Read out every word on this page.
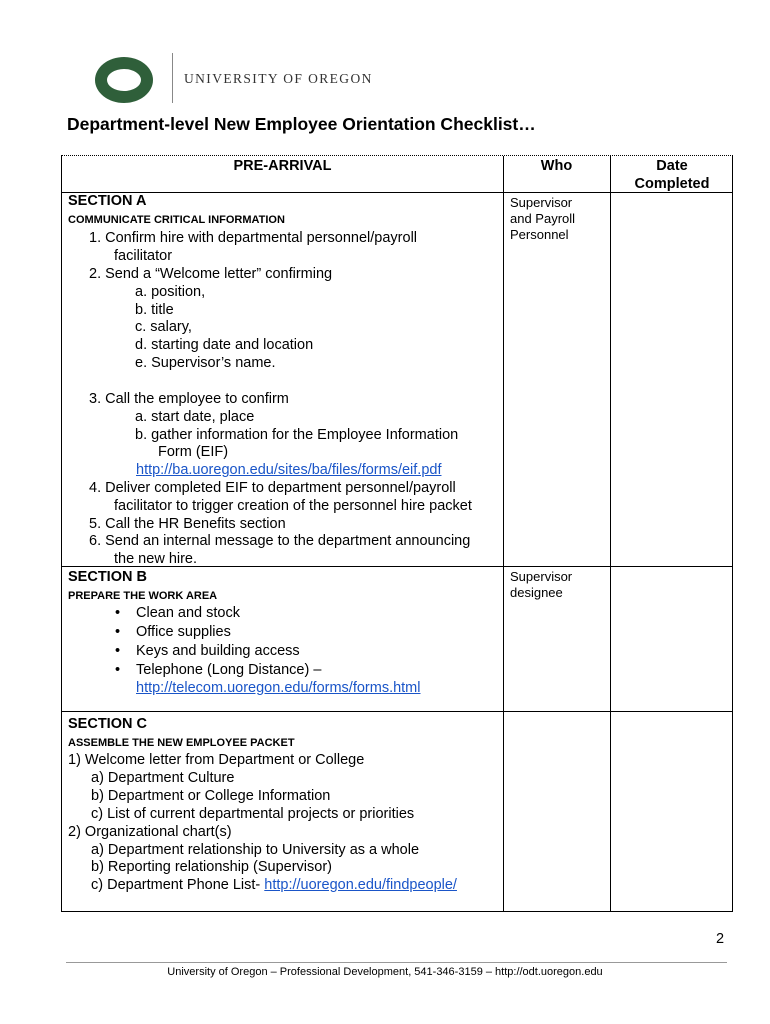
UNIVERSITY OF OREGON
Department-level New Employee Orientation Checklist…
PRE-ARRIVAL	Who	Date
Completed
SECTION A
COMMUNICATE CRITICAL INFORMATION
Supervisor
and Payroll
Personnel
1. Confirm hire with departmental personnel/payroll
facilitator
2. Send a “Welcome letter” confirming
a. position,
b. title
c. salary,
d. starting date and location
e. Supervisor’s name.
3. Call the employee to confirm
a. start date, place
b. gather information for the Employee Information
Form (EIF)
http://ba.uoregon.edu/sites/ba/files/forms/eif.pdf
4. Deliver completed EIF to department personnel/payroll
facilitator to trigger creation of the personnel hire packet
5. Call the HR Benefits section
6. Send an internal message to the department announcing
the new hire.
SECTION B
PREPARE THE WORK AREA
Supervisor
designee
• Clean and stock
• Office supplies
• Keys and building access
• Telephone (Long Distance) –
http://telecom.uoregon.edu/forms/forms.html
SECTION C
ASSEMBLE THE NEW EMPLOYEE PACKET
1) Welcome letter from Department or College
a) Department Culture
b) Department or College Information
c) List of current departmental projects or priorities
2) Organizational chart(s)
a) Department relationship to University as a whole
b) Reporting relationship (Supervisor)
c) Department Phone List- http://uoregon.edu/findpeople/
2
University of Oregon – Professional Development, 541-346-3159 – http://odt.uoregon.edu
